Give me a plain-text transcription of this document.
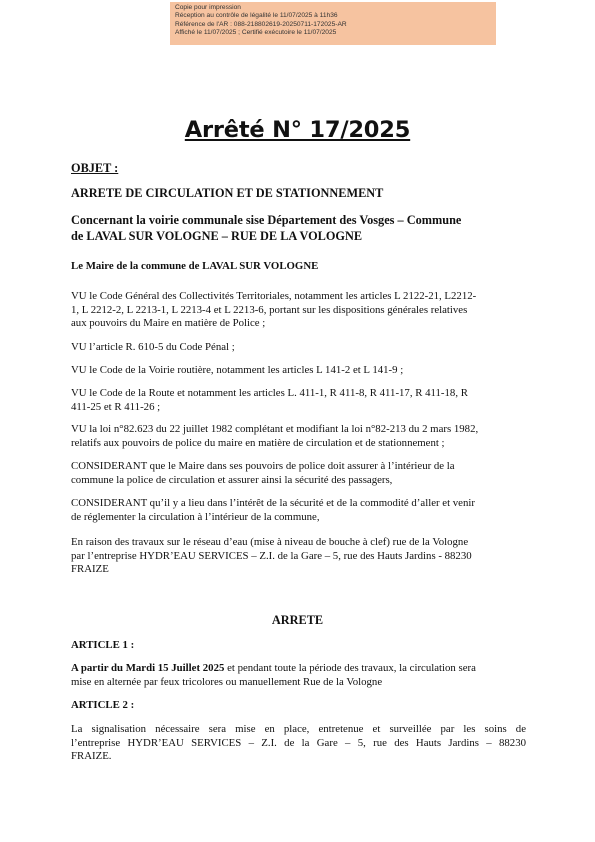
Copie pour impression
Réception au contrôle de légalité le 11/07/2025 à 11h36
Référence de l'AR : 088-218802619-20250711-172025-AR
Affiché le 11/07/2025 ; Certifié exécutoire le 11/07/2025
Arrêté N° 17/2025
OBJET :
ARRETE DE CIRCULATION ET DE STATIONNEMENT
Concernant la voirie communale sise Département des Vosges – Commune
de LAVAL SUR VOLOGNE – RUE DE LA VOLOGNE
Le Maire de la commune de LAVAL SUR VOLOGNE
VU le Code Général des Collectivités Territoriales, notamment les articles L 2122-21, L2212-
1, L 2212-2, L 2213-1, L 2213-4 et L 2213-6, portant sur les dispositions générales relatives
aux pouvoirs du Maire en matière de Police ;
VU l’article R. 610-5 du Code Pénal ;
VU le Code de la Voirie routière, notamment les articles L 141-2 et L 141-9 ;
VU le Code de la Route et notamment les articles L. 411-1, R 411-8, R 411-17, R 411-18, R
411-25 et R 411-26 ;
VU la loi n°82.623 du 22 juillet 1982 complétant et modifiant la loi n°82-213 du 2 mars 1982,
relatifs aux pouvoirs de police du maire en matière de circulation et de stationnement ;
CONSIDERANT que le Maire dans ses pouvoirs de police doit assurer à l’intérieur de la
commune la police de circulation et assurer ainsi la sécurité des passagers,
CONSIDERANT qu’il y a lieu dans l’intérêt de la sécurité et de la commodité d’aller et venir
de réglementer la circulation à l’intérieur de la commune,
En raison des travaux sur le réseau d’eau (mise à niveau de bouche à clef) rue de la Vologne
par l’entreprise HYDR’EAU SERVICES – Z.I. de la Gare – 5, rue des Hauts Jardins - 88230
FRAIZE
ARRETE
ARTICLE 1 :
A partir du Mardi 15 Juillet 2025 et pendant toute la période des travaux, la circulation sera
mise en alternée par feux tricolores ou manuellement Rue de la Vologne
ARTICLE 2 :
La signalisation nécessaire sera mise en place, entretenue et surveillée par les soins de
l’entreprise HYDR’EAU SERVICES – Z.I. de la Gare – 5, rue des Hauts Jardins – 88230
FRAIZE.
